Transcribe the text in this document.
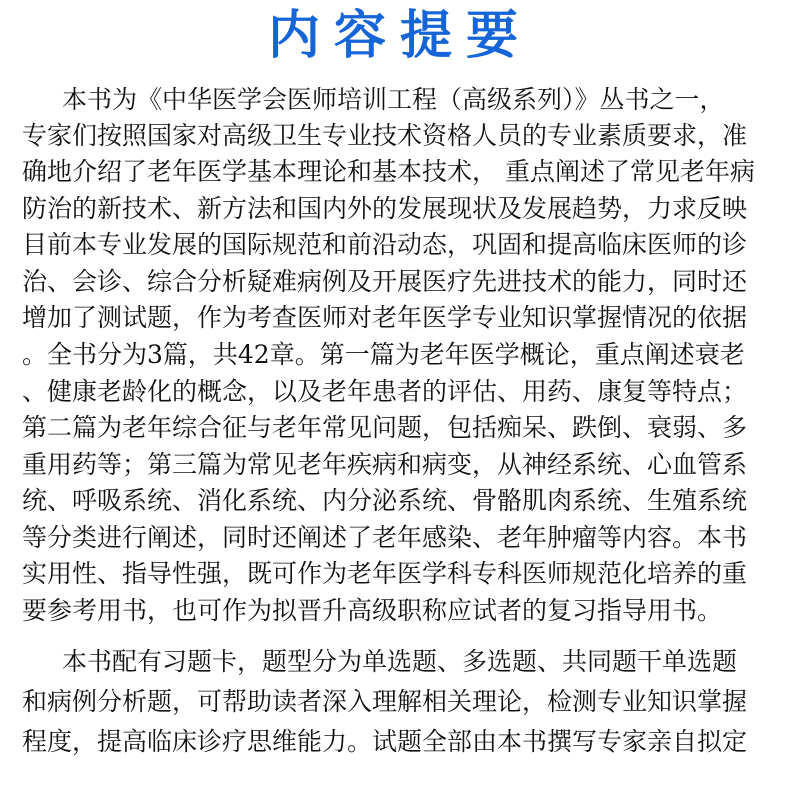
内容提要
本书为《中华医学会医师培训工程（高级系列）》丛书之一，
专家们按照国家对高级卫生专业技术资格人员的专业素质要求，准
确地介绍了老年医学基本理论和基本技术， 重点阐述了常见老年病
防治的新技术、新方法和国内外的发展现状及发展趋势，力求反映
目前本专业发展的国际规范和前沿动态，巩固和提高临床医师的诊
治、会诊、综合分析疑难病例及开展医疗先进技术的能力，同时还
增加了测试题，作为考查医师对老年医学专业知识掌握情况的依据
。全书分为3篇，共42章。第一篇为老年医学概论，重点阐述衰老
、健康老龄化的概念，以及老年患者的评估、用药、康复等特点；
第二篇为老年综合征与老年常见问题，包括痴呆、跌倒、衰弱、多
重用药等；第三篇为常见老年疾病和病变，从神经系统、心血管系
统、呼吸系统、消化系统、内分泌系统、骨骼肌肉系统、生殖系统
等分类进行阐述，同时还阐述了老年感染、老年肿瘤等内容。本书
实用性、指导性强，既可作为老年医学科专科医师规范化培养的重
要参考用书，也可作为拟晋升高级职称应试者的复习指导用书。
本书配有习题卡，题型分为单选题、多选题、共同题干单选题
和病例分析题，可帮助读者深入理解相关理论，检测专业知识掌握
程度，提高临床诊疗思维能力。试题全部由本书撰写专家亲自拟定
